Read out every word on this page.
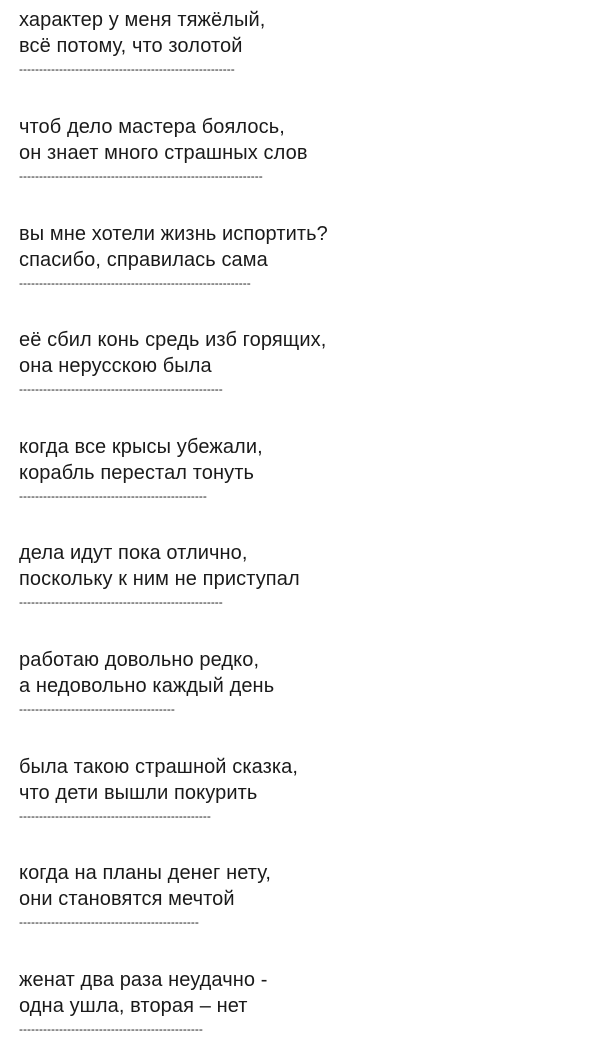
характер у меня тяжёлый,
всё потому, что золотой
------------------------------------------------------
чтоб дело мастера боялось,
он знает много страшных слов
-------------------------------------------------------------
вы мне хотели жизнь испортить?
спасибо, справилась сама
----------------------------------------------------------
её сбил конь средь изб горящих,
она нерусскою была
---------------------------------------------------
когда все крысы убежали,
корабль перестал тонуть
-----------------------------------------------
дела идут пока отлично,
поскольку к ним не приступал
---------------------------------------------------
работаю довольно редко,
а недовольно каждый день
---------------------------------------
была такою страшной сказка,
что дети вышли покурить
------------------------------------------------
когда на планы денег нету,
они становятся мечтой
---------------------------------------------
женат два раза неудачно -
одна ушла, вторая – нет
----------------------------------------------
